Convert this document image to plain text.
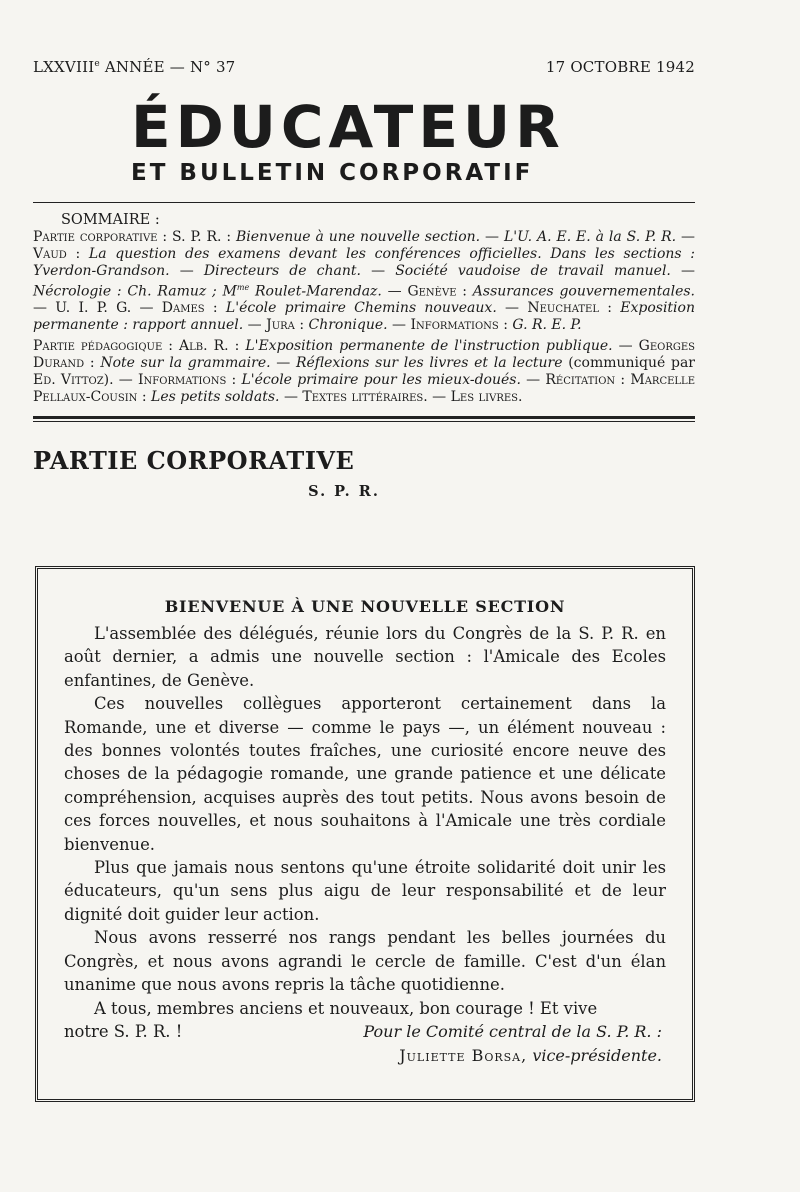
LXXVIIIe ANNÉE — N° 37	17 OCTOBRE 1942
ÉDUCATEUR
ET BULLETIN CORPORATIF
SOMMAIRE :

Partie corporative : S. P. R. : Bienvenue à une nouvelle section. — L'U. A. E. E. à la S. P. R. — Vaud : La question des examens devant les conférences officielles. Dans les sections : Yverdon-Grandson. — Directeurs de chant. — Société vaudoise de travail manuel. — Nécrologie : Ch. Ramuz ; $M^{me}$ Roulet-Marendaz. — Genève : Assurances gouvernementales. — U. I. P. G. — Dames : L'école primaire Chemins nouveaux. — Neuchatel : Exposition permanente : rapport annuel. — Jura : Chronique. — Informations : G. R. E. P.

Partie pédagogique : Alb. R. : L'Exposition permanente de l'instruction publique. — Georges Durand : Note sur la grammaire. — Réflexions sur les livres et la lecture (communiqué par Ed. Vittoz). — Informations : L'école primaire pour les mieux-doués. — Récitation : Marcelle Pellaux-Cousin : Les petits soldats. — Textes littéraires. — Les livres.

PARTIE CORPORATIVE
S. P. R.
BIENVENUE À UNE NOUVELLE SECTION

L'assemblée des délégués, réunie lors du Congrès de la S. P. R. en août dernier, a admis une nouvelle section : l'Amicale des Ecoles enfantines, de Genève.

Ces nouvelles collègues apporteront certainement dans la Romande, une et diverse — comme le pays —, un élément nouveau : des bonnes volontés toutes fraîches, une curiosité encore neuve des choses de la pédagogie romande, une grande patience et une délicate compréhension, acquises auprès des tout petits. Nous avons besoin de ces forces nouvelles, et nous souhaitons à l'Amicale une très cordiale bienvenue.

Plus que jamais nous sentons qu'une étroite solidarité doit unir les éducateurs, qu'un sens plus aigu de leur responsabilité et de leur dignité doit guider leur action.

Nous avons resserré nos rangs pendant les belles journées du Congrès, et nous avons agrandi le cercle de famille. C'est d'un élan unanime que nous avons repris la tâche quotidienne.

A tous, membres anciens et nouveaux, bon courage ! Et vive

notre S. P. R. !	Pour le Comité central de la S. P. R. :
Juliette Borsa, vice-présidente.
